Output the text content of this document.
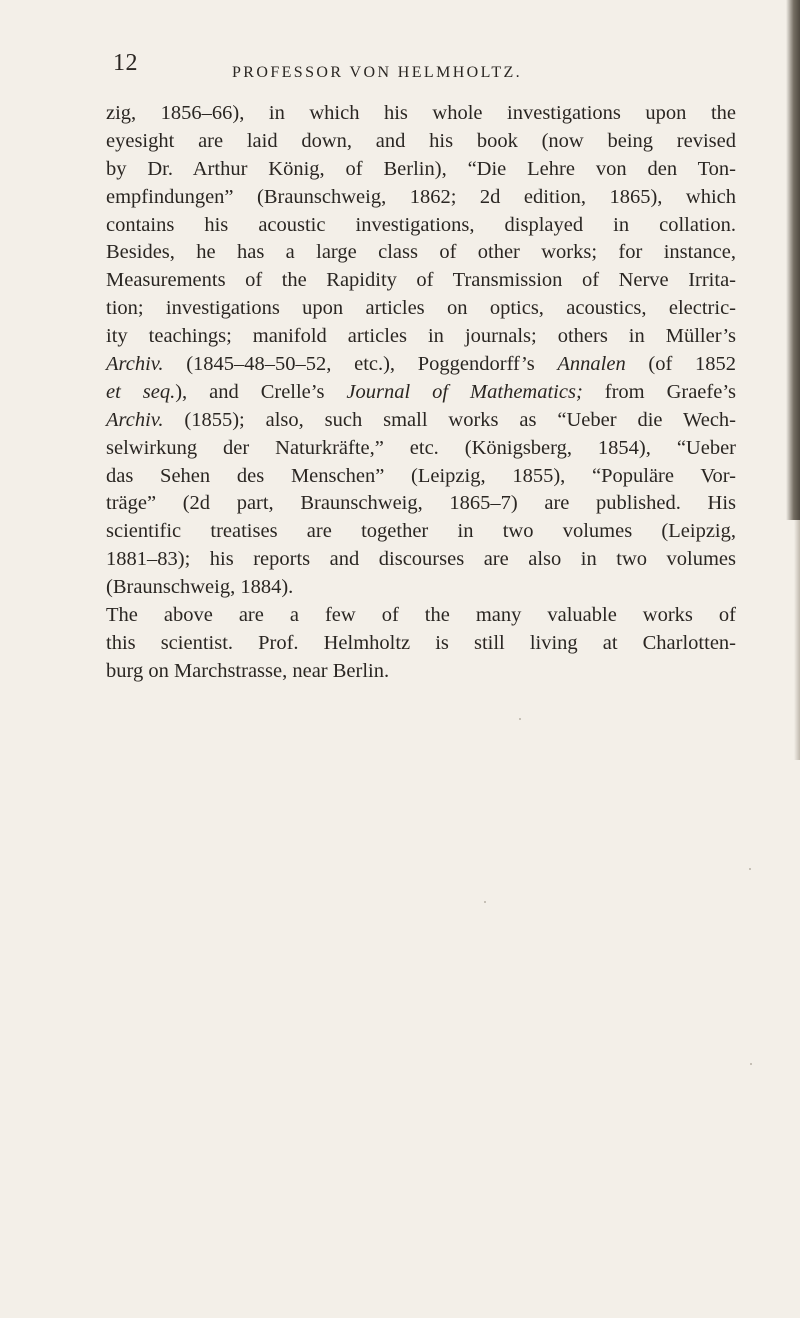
12	PROFESSOR VON HELMHOLTZ.
zig, 1856–66), in which his whole investigations upon the
eyesight are laid down, and his book (now being revised
by Dr. Arthur König, of Berlin), “Die Lehre von den Ton-
empfindungen” (Braunschweig, 1862; 2d edition, 1865), which
contains his acoustic investigations, displayed in collation.
Besides, he has a large class of other works; for instance,
Measurements of the Rapidity of Transmission of Nerve Irrita-
tion; investigations upon articles on optics, acoustics, electric-
ity teachings; manifold articles in journals; others in Müller’s
Archiv. (1845–48–50–52, etc.), Poggendorff’s Annalen (of 1852
et seq.), and Crelle’s Journal of Mathematics; from Graefe’s
Archiv. (1855); also, such small works as “Ueber die Wech-
selwirkung der Naturkräfte,” etc. (Königsberg, 1854), “Ueber
das Sehen des Menschen” (Leipzig, 1855), “Populäre Vor-
träge” (2d part, Braunschweig, 1865–7) are published. His
scientific treatises are together in two volumes (Leipzig,
1881–83); his reports and discourses are also in two volumes
(Braunschweig, 1884).
The above are a few of the many valuable works of
this scientist. Prof. Helmholtz is still living at Charlotten-
burg on Marchstrasse, near Berlin.
